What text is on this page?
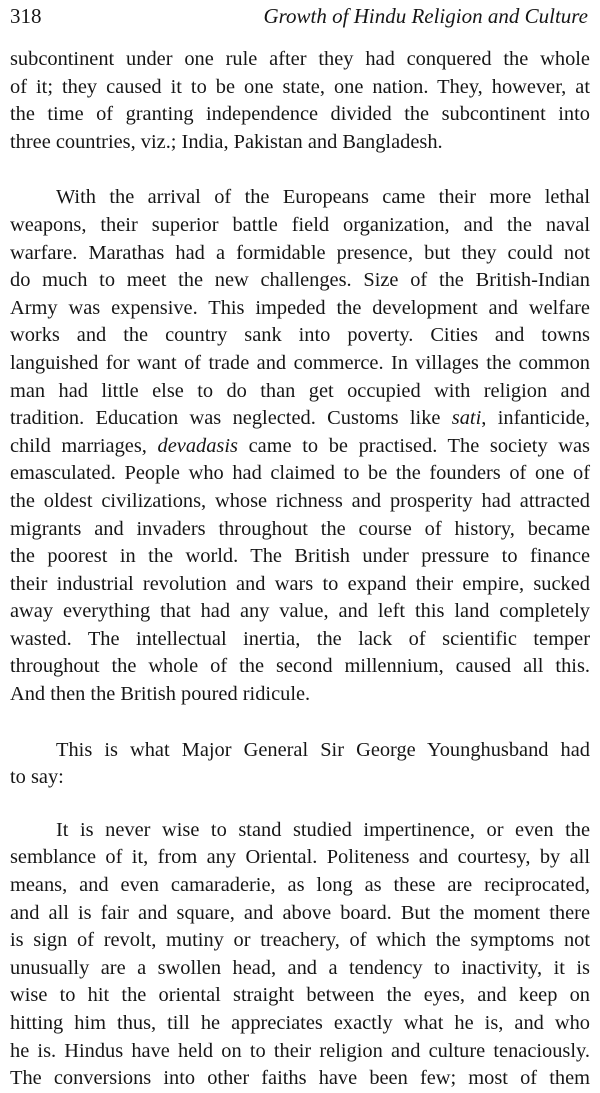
318	Growth of Hindu Religion and Culture
subcontinent under one rule after they had conquered the whole
of it; they caused it to be one state, one nation. They, however, at
the time of granting independence divided the subcontinent into
three countries, viz.; India, Pakistan and Bangladesh.
With the arrival of the Europeans came their more lethal
weapons, their superior battle field organization, and the naval
warfare. Marathas had a formidable presence, but they could not
do much to meet the new challenges. Size of the British-Indian
Army was expensive. This impeded the development and welfare
works and the country sank into poverty. Cities and towns
languished for want of trade and commerce. In villages the common
man had little else to do than get occupied with religion and
tradition. Education was neglected. Customs like sati, infanticide,
child marriages, devadasis came to be practised. The society was
emasculated. People who had claimed to be the founders of one of
the oldest civilizations, whose richness and prosperity had attracted
migrants and invaders throughout the course of history, became
the poorest in the world. The British under pressure to finance
their industrial revolution and wars to expand their empire, sucked
away everything that had any value, and left this land completely
wasted. The intellectual inertia, the lack of scientific temper
throughout the whole of the second millennium, caused all this.
And then the British poured ridicule.
This is what Major General Sir George Younghusband had
to say:
It is never wise to stand studied impertinence, or even the
semblance of it, from any Oriental. Politeness and courtesy, by all
means, and even camaraderie, as long as these are reciprocated,
and all is fair and square, and above board. But the moment there
is sign of revolt, mutiny or treachery, of which the symptoms not
unusually are a swollen head, and a tendency to inactivity, it is
wise to hit the oriental straight between the eyes, and keep on
hitting him thus, till he appreciates exactly what he is, and who
he is. Hindus have held on to their religion and culture tenaciously.
The conversions into other faiths have been few; most of them
